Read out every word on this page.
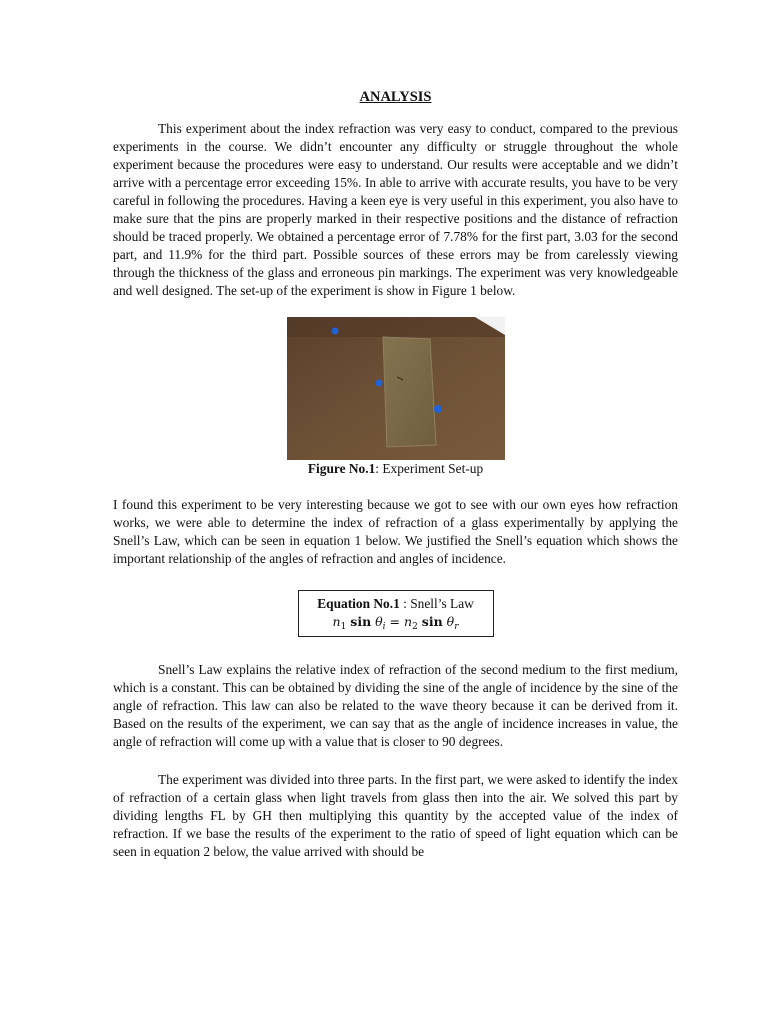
ANALYSIS

This experiment about the index refraction was very easy to conduct, compared to the previous experiments in the course. We didn’t encounter any difficulty or struggle throughout the whole experiment because the procedures were easy to understand. Our results were acceptable and we didn’t arrive with a percentage error exceeding 15%. In able to arrive with accurate results, you have to be very careful in following the procedures. Having a keen eye is very useful in this experiment, you also have to make sure that the pins are properly marked in their respective positions and the distance of refraction should be traced properly. We obtained a percentage error of 7.78% for the first part, 3.03 for the second part, and 11.9% for the third part. Possible sources of these errors may be from carelessly viewing through the thickness of the glass and erroneous pin markings. The experiment was very knowledgeable and well designed. The set-up of the experiment is show in Figure 1 below.

·
Figure No.1: Experiment Set-up

I found this experiment to be very interesting because we got to see with our own eyes how refraction works, we were able to determine the index of refraction of a glass experimentally by applying the Snell’s Law, which can be seen in equation 1 below. We justified the Snell’s equation which shows the important relationship of the angles of refraction and angles of incidence.

Equation No.1 : Snell’s Law
$n_1$ $\sin \theta_i = n_2$ $\sin \theta_r$

Snell’s Law explains the relative index of refraction of the second medium to the first medium, which is a constant. This can be obtained by dividing the sine of the angle of incidence by the sine of the angle of refraction. This law can also be related to the wave theory because it can be derived from it. Based on the results of the experiment, we can say that as the angle of incidence increases in value, the angle of refraction will come up with a value that is closer to 90 degrees.

The experiment was divided into three parts. In the first part, we were asked to identify the index of refraction of a certain glass when light travels from glass then into the air. We solved this part by dividing lengths FL by GH then multiplying this quantity by the accepted value of the index of refraction. If we base the results of the experiment to the ratio of speed of light equation which can be seen in equation 2 below, the value arrived with should be
